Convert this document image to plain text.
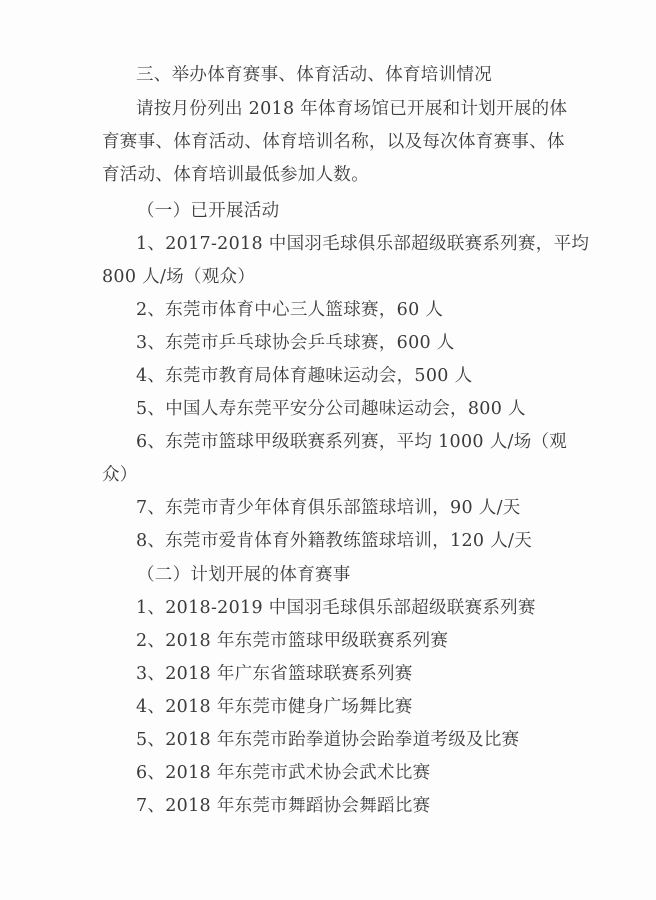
三、举办体育赛事、体育活动、体育培训情况
请按月份列出 2018 年体育场馆已开展和计划开展的体
育赛事、体育活动、体育培训名称，以及每次体育赛事、体
育活动、体育培训最低参加人数。
（一）已开展活动
1、2017-2018 中国羽毛球俱乐部超级联赛系列赛，平均
800 人/场（观众）
2、东莞市体育中心三人篮球赛，60 人
3、东莞市乒乓球协会乒乓球赛，600 人
4、东莞市教育局体育趣味运动会，500 人
5、中国人寿东莞平安分公司趣味运动会，800 人
6、东莞市篮球甲级联赛系列赛，平均 1000 人/场（观
众）
7、东莞市青少年体育俱乐部篮球培训，90 人/天
8、东莞市爱肯体育外籍教练篮球培训，120 人/天
（二）计划开展的体育赛事
1、2018-2019 中国羽毛球俱乐部超级联赛系列赛
2、2018 年东莞市篮球甲级联赛系列赛
3、2018 年广东省篮球联赛系列赛
4、2018 年东莞市健身广场舞比赛
5、2018 年东莞市跆拳道协会跆拳道考级及比赛
6、2018 年东莞市武术协会武术比赛
7、2018 年东莞市舞蹈协会舞蹈比赛
